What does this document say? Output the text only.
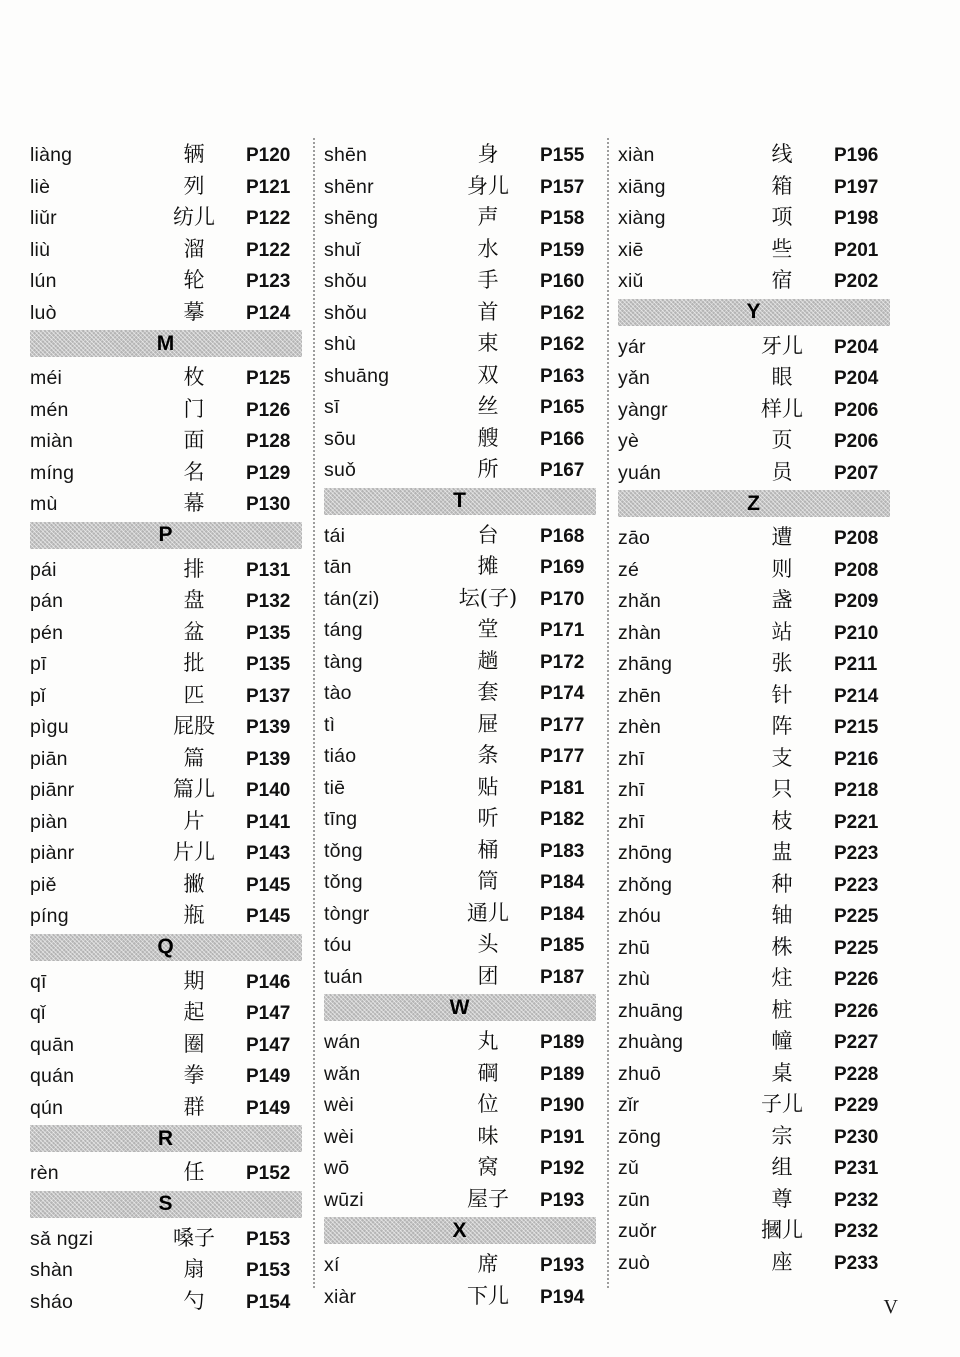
liàng	辆	P120
liè	列	P121
liǔr	纺儿	P122
liù	溜	P122
lún	轮	P123
luò	摹	P124
M
méi	枚	P125
mén	门	P126
miàn	面	P128
míng	名	P129
mù	幕	P130
P
pái	排	P131
pán	盘	P132
pén	盆	P135
pī	批	P135
pǐ	匹	P137
pìgu	屁股	P139
piān	篇	P139
piānr	篇儿	P140
piàn	片	P141
piànr	片儿	P143
piě	撇	P145
píng	瓶	P145
Q
qī	期	P146
qǐ	起	P147
quān	圈	P147
quán	拳	P149
qún	群	P149
R
rèn	任	P152
S
sǎ ngzi	嗓子	P153
shàn	扇	P153
sháo	勺	P154
shēn	身	P155
shēnr	身儿	P157
shēng	声	P158
shuǐ	水	P159
shǒu	手	P160
shǒu	首	P162
shù	束	P162
shuāng	双	P163
sī	丝	P165
sōu	艘	P166
suǒ	所	P167
T
tái	台	P168
tān	摊	P169
tán(zi)	坛(子)	P170
táng	堂	P171
tàng	趟	P172
tào	套	P174
tì	屉	P177
tiáo	条	P177
tiē	贴	P181
tīng	听	P182
tǒng	桶	P183
tǒng	筒	P184
tòngr	通儿	P184
tóu	头	P185
tuán	团	P187
W
wán	丸	P189
wǎn	碙	P189
wèi	位	P190
wèi	味	P191
wō	窝	P192
wūzi	屋子	P193
X
xí	席	P193
xiàr	下儿	P194
xiàn	线	P196
xiāng	箱	P197
xiàng	项	P198
xiē	些	P201
xiǔ	宿	P202
Y
yár	牙儿	P204
yǎn	眼	P204
yàngr	样儿	P206
yè	页	P206
yuán	员	P207
Z
zāo	遭	P208
zé	则	P208
zhǎn	盏	P209
zhàn	站	P210
zhāng	张	P211
zhēn	针	P214
zhèn	阵	P215
zhī	支	P216
zhī	只	P218
zhī	枝	P221
zhōng	盅	P223
zhǒng	种	P223
zhóu	轴	P225
zhū	株	P225
zhù	炷	P226
zhuāng	桩	P226
zhuàng	幢	P227
zhuō	桌	P228
zǐr	子儿	P229
zōng	宗	P230
zǔ	组	P231
zūn	尊	P232
zuǒr	摑儿	P232
zuò	座	P233
V
